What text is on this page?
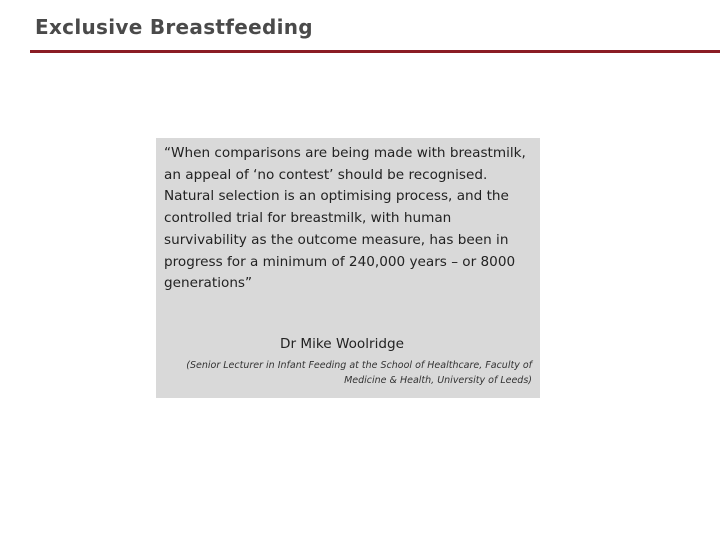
Exclusive Breastfeeding
“When comparisons are being made with breastmilk, an appeal of ‘no contest’ should be recognised. Natural selection is an optimising process, and the controlled trial for breastmilk, with human survivability as the outcome measure, has been in progress for a minimum of 240,000 years – or 8000 generations”
Dr Mike Woolridge
(Senior Lecturer in Infant Feeding at the School of Healthcare, Faculty of Medicine & Health, University of Leeds)
